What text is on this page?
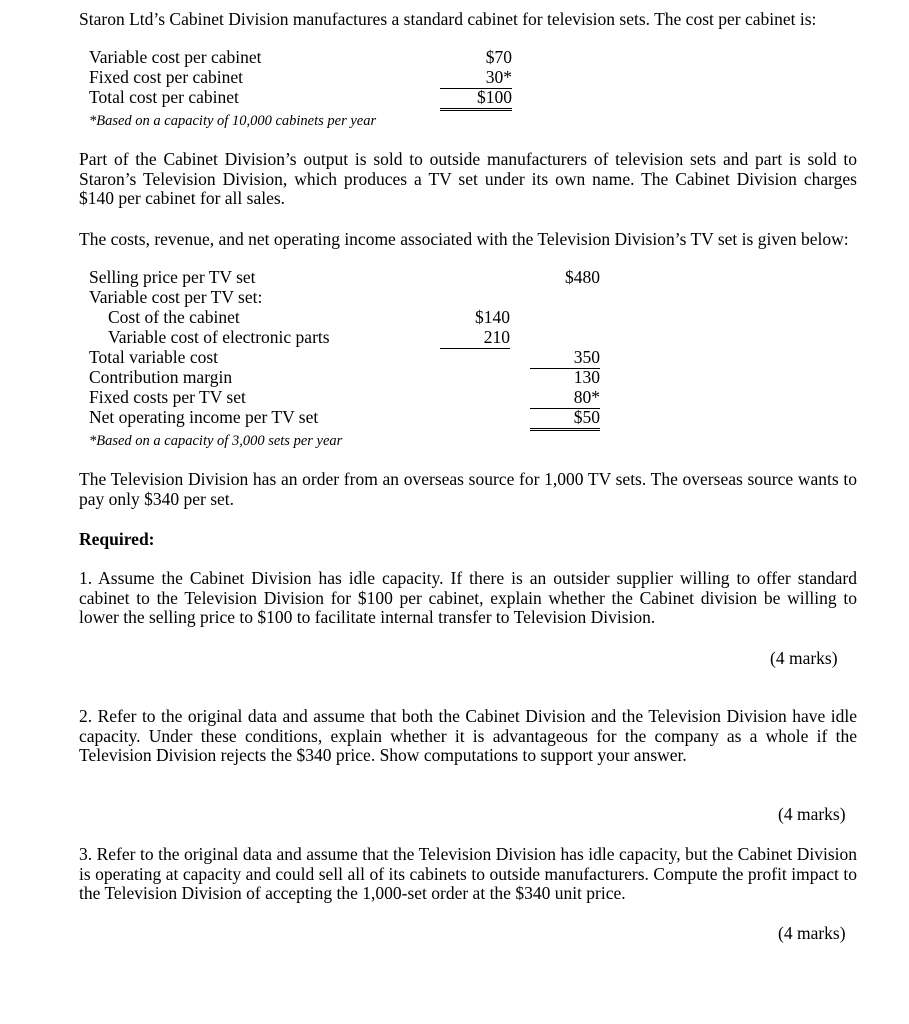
Staron Ltd’s Cabinet Division manufactures a standard cabinet for television sets. The cost per cabinet is:
Variable cost per cabinet	$70
Fixed cost per cabinet	30*
Total cost per cabinet	$100
*Based on a capacity of 10,000 cabinets per year
Part of the Cabinet Division’s output is sold to outside manufacturers of television sets and part is sold to Staron’s Television Division, which produces a TV set under its own name. The Cabinet Division charges $140 per cabinet for all sales.
The costs, revenue, and net operating income associated with the Television Division’s TV set is given below:
Selling price per TV set	$480
Variable cost per TV set:
Cost of the cabinet	$140
Variable cost of electronic parts	210
Total variable cost	350
Contribution margin	130
Fixed costs per TV set	80*
Net operating income per TV set	$50
*Based on a capacity of 3,000 sets per year
The Television Division has an order from an overseas source for 1,000 TV sets. The overseas source wants to pay only $340 per set.
Required:
1. Assume the Cabinet Division has idle capacity. If there is an outsider supplier willing to offer standard cabinet to the Television Division for $100 per cabinet, explain whether the Cabinet division be willing to lower the selling price to $100 to facilitate internal transfer to Television Division.
(4 marks)
2. Refer to the original data and assume that both the Cabinet Division and the Television Division have idle capacity. Under these conditions, explain whether it is advantageous for the company as a whole if the Television Division rejects the $340 price. Show computations to support your answer.
(4 marks)
3. Refer to the original data and assume that the Television Division has idle capacity, but the Cabinet Division is operating at capacity and could sell all of its cabinets to outside manufacturers. Compute the profit impact to the Television Division of accepting the 1,000-set order at the $340 unit price.
(4 marks)
